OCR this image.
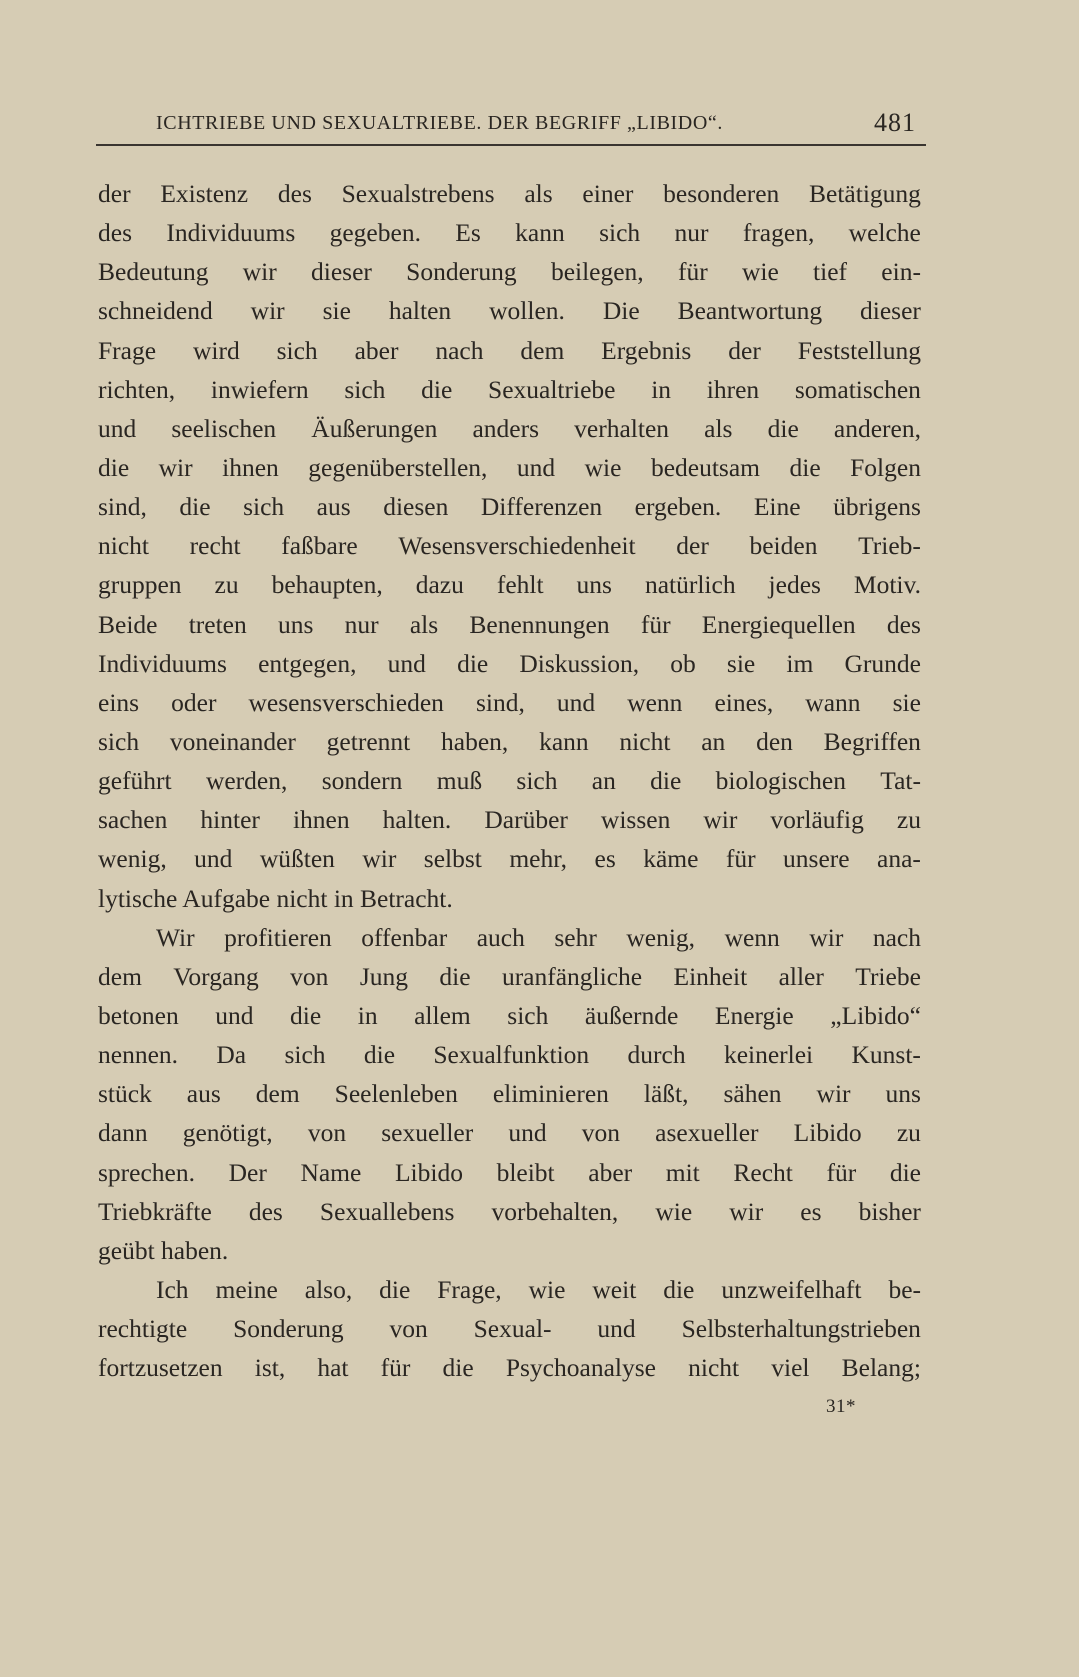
ICHTRIEBE UND SEXUALTRIEBE. DER BEGRIFF „LIBIDO“.	481
der Existenz des Sexualstrebens als einer besonderen Betätigung
des Individuums gegeben. Es kann sich nur fragen, welche
Bedeutung wir dieser Sonderung beilegen, für wie tief ein-
schneidend wir sie halten wollen. Die Beantwortung dieser
Frage wird sich aber nach dem Ergebnis der Feststellung
richten, inwiefern sich die Sexualtriebe in ihren somatischen
und seelischen Äußerungen anders verhalten als die anderen,
die wir ihnen gegenüberstellen, und wie bedeutsam die Folgen
sind, die sich aus diesen Differenzen ergeben. Eine übrigens
nicht recht faßbare Wesensverschiedenheit der beiden Trieb-
gruppen zu behaupten, dazu fehlt uns natürlich jedes Motiv.
Beide treten uns nur als Benennungen für Energiequellen des
Individuums entgegen, und die Diskussion, ob sie im Grunde
eins oder wesensverschieden sind, und wenn eines, wann sie
sich voneinander getrennt haben, kann nicht an den Begriffen
geführt werden, sondern muß sich an die biologischen Tat-
sachen hinter ihnen halten. Darüber wissen wir vorläufig zu
wenig, und wüßten wir selbst mehr, es käme für unsere ana-
lytische Aufgabe nicht in Betracht.
Wir profitieren offenbar auch sehr wenig, wenn wir nach
dem Vorgang von Jung die uranfängliche Einheit aller Triebe
betonen und die in allem sich äußernde Energie „Libido“
nennen. Da sich die Sexualfunktion durch keinerlei Kunst-
stück aus dem Seelenleben eliminieren läßt, sähen wir uns
dann genötigt, von sexueller und von asexueller Libido zu
sprechen. Der Name Libido bleibt aber mit Recht für die
Triebkräfte des Sexuallebens vorbehalten, wie wir es bisher
geübt haben.
Ich meine also, die Frage, wie weit die unzweifelhaft be-
rechtigte Sonderung von Sexual- und Selbsterhaltungstrieben
fortzusetzen ist, hat für die Psychoanalyse nicht viel Belang;
31*
